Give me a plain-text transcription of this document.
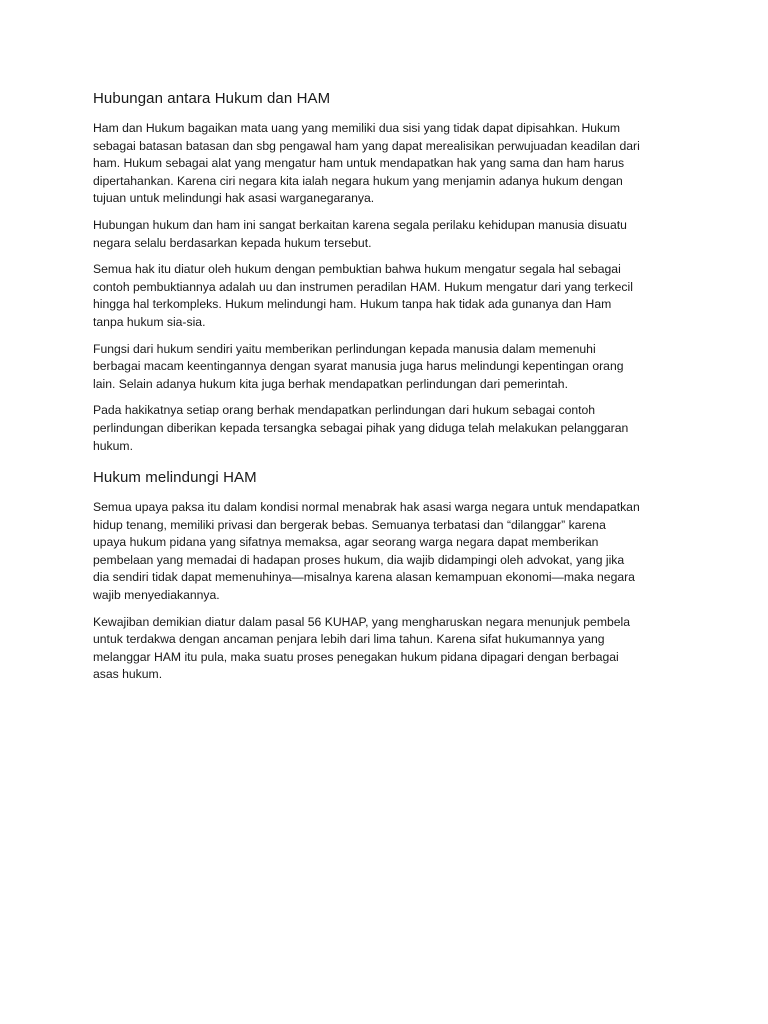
Hubungan antara Hukum dan HAM

Ham dan Hukum bagaikan mata uang yang memiliki dua sisi yang tidak dapat dipisahkan. Hukum
sebagai batasan batasan dan sbg pengawal ham yang dapat merealisikan perwujuadan keadilan dari
ham. Hukum sebagai alat yang mengatur ham untuk mendapatkan hak yang sama dan ham harus
dipertahankan. Karena ciri negara kita ialah negara hukum yang menjamin adanya hukum dengan
tujuan untuk melindungi hak asasi warganegaranya.

Hubungan hukum dan ham ini sangat berkaitan karena segala perilaku kehidupan manusia disuatu
negara selalu berdasarkan kepada hukum tersebut.

Semua hak itu diatur oleh hukum dengan pembuktian bahwa hukum mengatur segala hal sebagai
contoh pembuktiannya adalah uu dan instrumen peradilan HAM. Hukum mengatur dari yang terkecil
hingga hal terkompleks. Hukum melindungi ham. Hukum tanpa hak tidak ada gunanya dan Ham
tanpa hukum sia-sia.

Fungsi dari hukum sendiri yaitu memberikan perlindungan kepada manusia dalam memenuhi
berbagai macam keentingannya dengan syarat manusia juga harus melindungi kepentingan orang
lain. Selain adanya hukum kita juga berhak mendapatkan perlindungan dari pemerintah.

Pada hakikatnya setiap orang berhak mendapatkan perlindungan dari hukum sebagai contoh
perlindungan diberikan kepada tersangka sebagai pihak yang diduga telah melakukan pelanggaran
hukum.

Hukum melindungi HAM

Semua upaya paksa itu dalam kondisi normal menabrak hak asasi warga negara untuk mendapatkan
hidup tenang, memiliki privasi dan bergerak bebas. Semuanya terbatasi dan “dilanggar” karena
upaya hukum pidana yang sifatnya memaksa, agar seorang warga negara dapat memberikan
pembelaan yang memadai di hadapan proses hukum, dia wajib didampingi oleh advokat, yang jika
dia sendiri tidak dapat memenuhinya—misalnya karena alasan kemampuan ekonomi—maka negara
wajib menyediakannya.

Kewajiban demikian diatur dalam pasal 56 KUHAP, yang mengharuskan negara menunjuk pembela
untuk terdakwa dengan ancaman penjara lebih dari lima tahun. Karena sifat hukumannya yang
melanggar HAM itu pula, maka suatu proses penegakan hukum pidana dipagari dengan berbagai
asas hukum.
